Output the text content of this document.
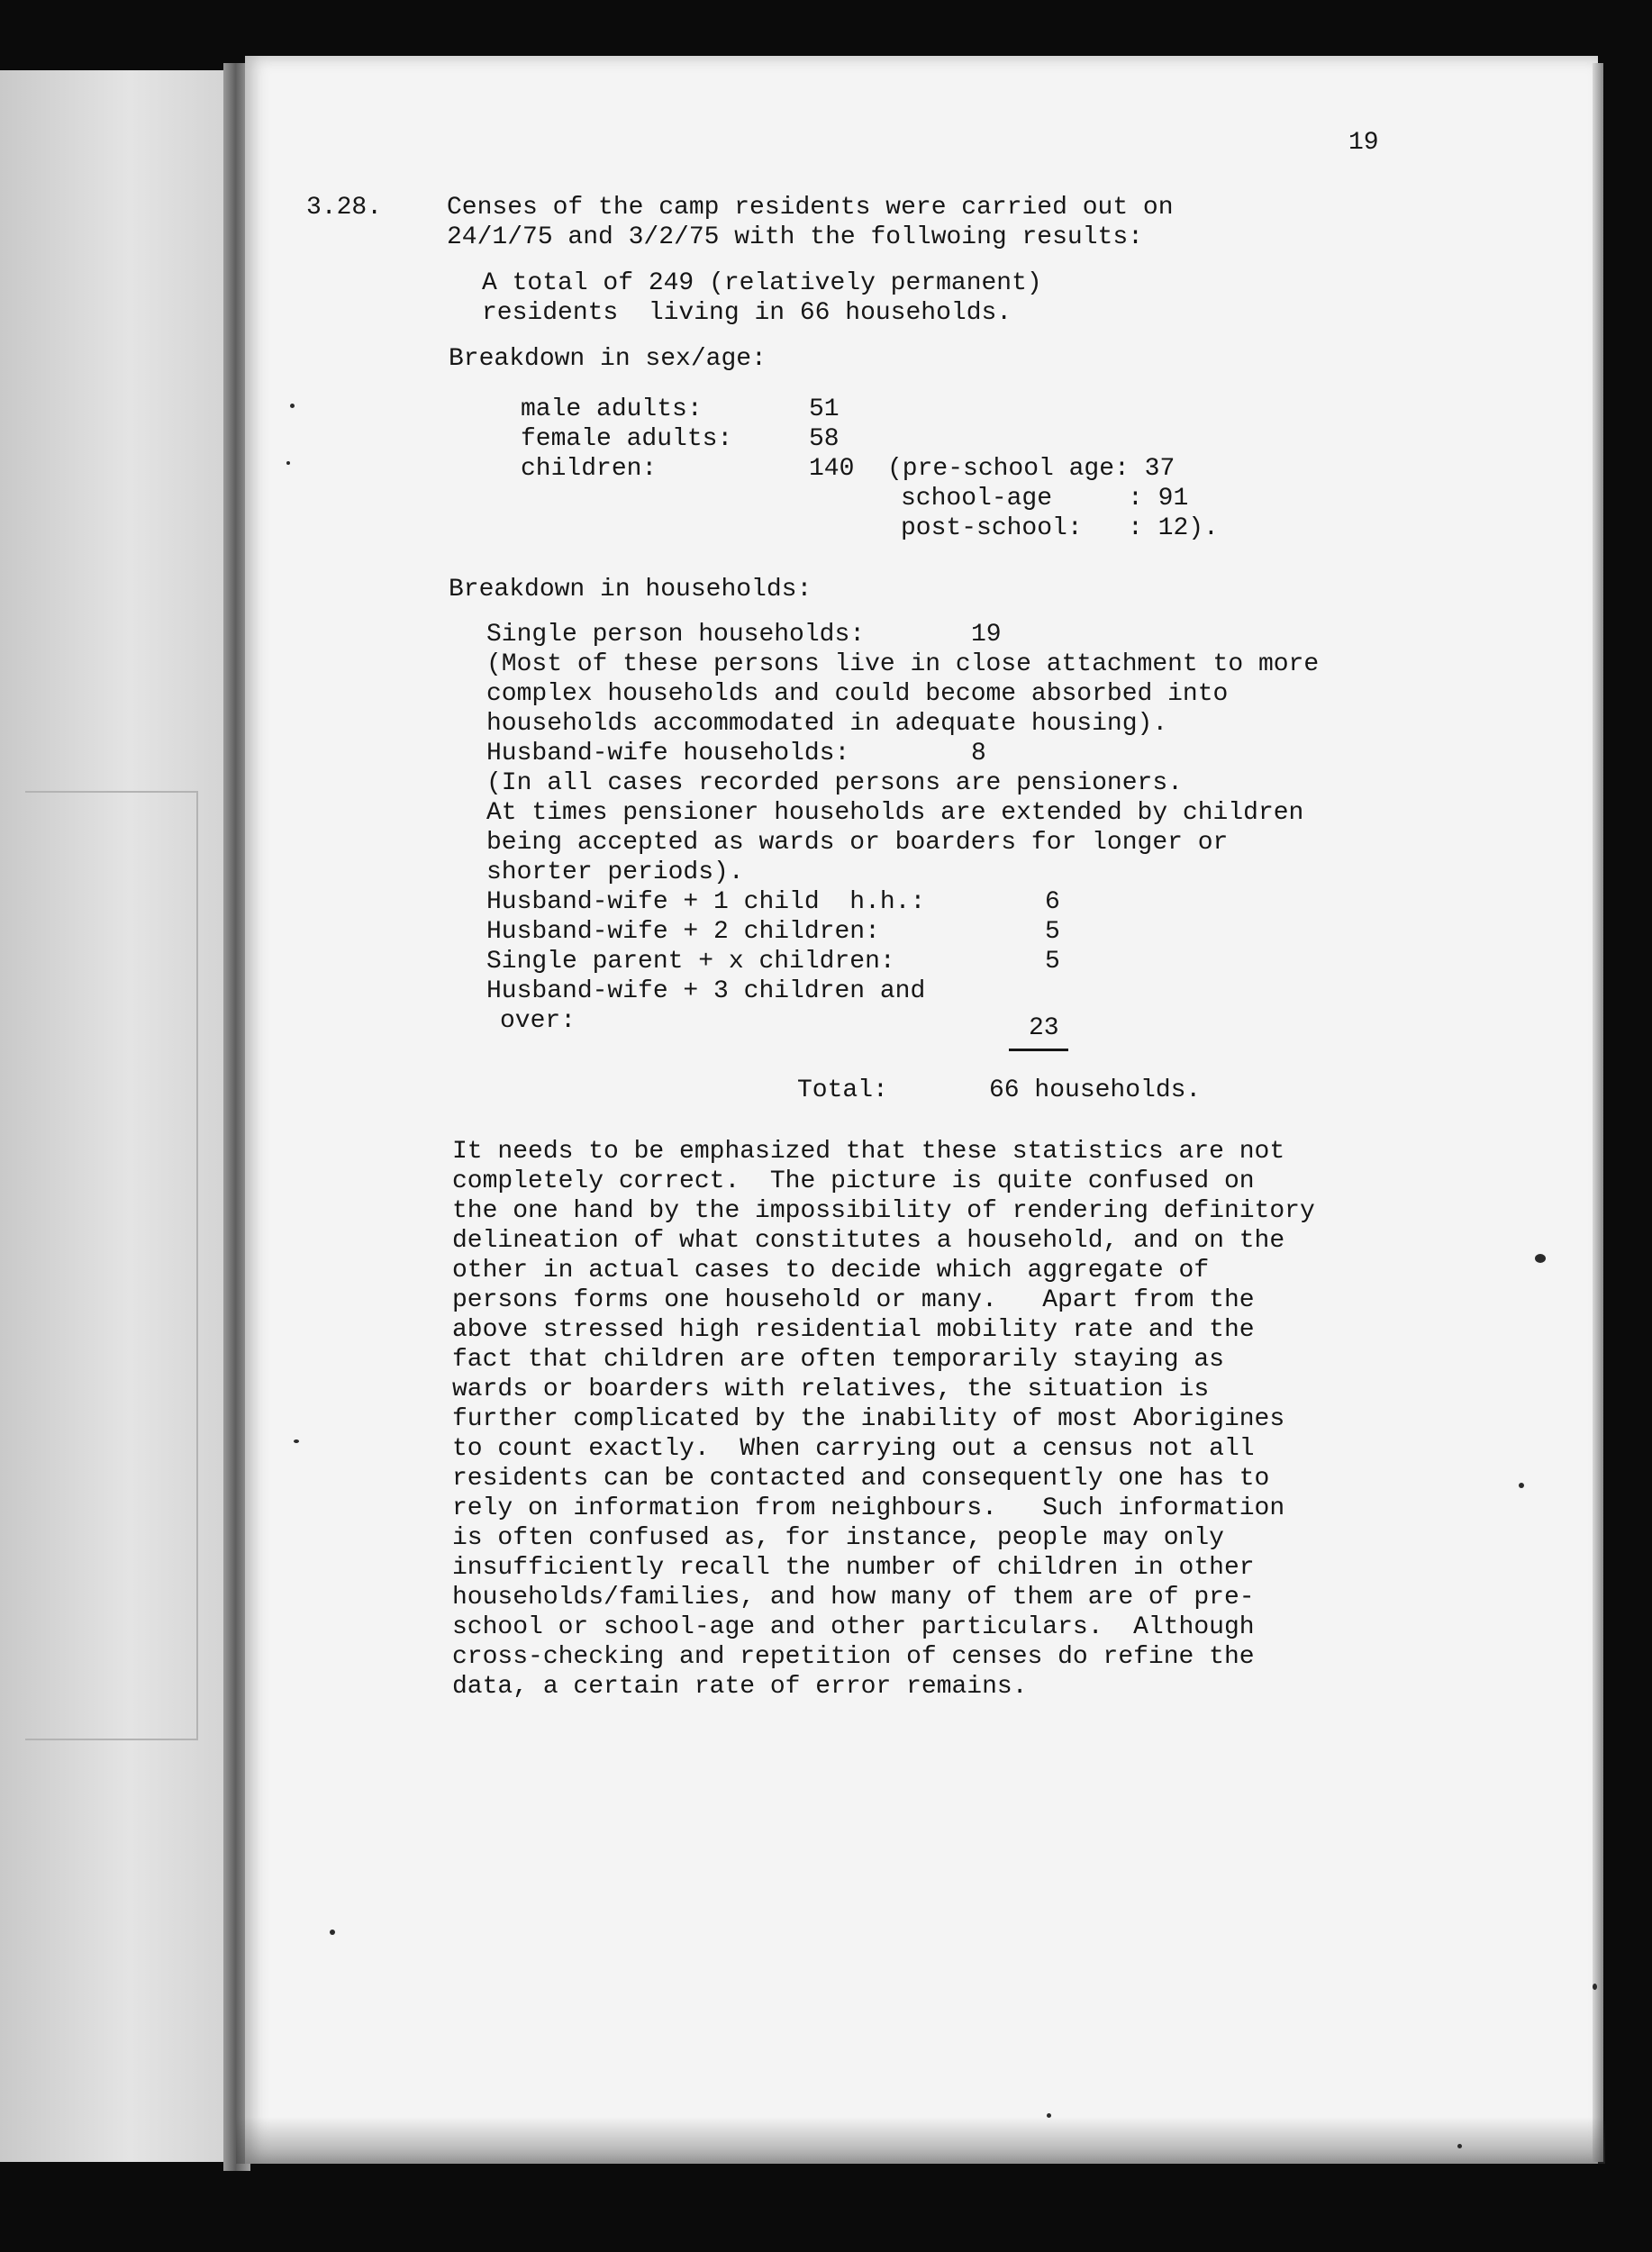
19

3.28.	Censes of the camp residents were carried out on

24/1/75 and 3/2/75 with the follwoing results:

A total of 249 (relatively permanent)

residents  living in 66 households.

Breakdown in sex/age:

male adults:	51

female adults:	58

children:	140 (pre-school age: 37

school-age     : 91

post-school:   : 12).

Breakdown in households:

Single person households:	19

(Most of these persons live in close attachment to more

complex households and could become absorbed into

households accommodated in adequate housing).

Husband-wife households:	8

(In all cases recorded persons are pensioners.

At times pensioner households are extended by children

being accepted as wards or boarders for longer or

shorter periods).

Husband-wife + 1 child  h.h.:	6

Husband-wife + 2 children:	5

Single parent + x children:	5

Husband-wife + 3 children and

over:	23

Total:	66 households.

It needs to be emphasized that these statistics are not

completely correct.  The picture is quite confused on

the one hand by the impossibility of rendering definitory

delineation of what constitutes a household, and on the

other in actual cases to decide which aggregate of

persons forms one household or many.   Apart from the

above stressed high residential mobility rate and the

fact that children are often temporarily staying as

wards or boarders with relatives, the situation is

further complicated by the inability of most Aborigines

to count exactly.  When carrying out a census not all

residents can be contacted and consequently one has to

rely on information from neighbours.   Such information

is often confused as, for instance, people may only

insufficiently recall the number of children in other

households/families, and how many of them are of pre-

school or school-age and other particulars.  Although

cross-checking and repetition of censes do refine the

data, a certain rate of error remains.
